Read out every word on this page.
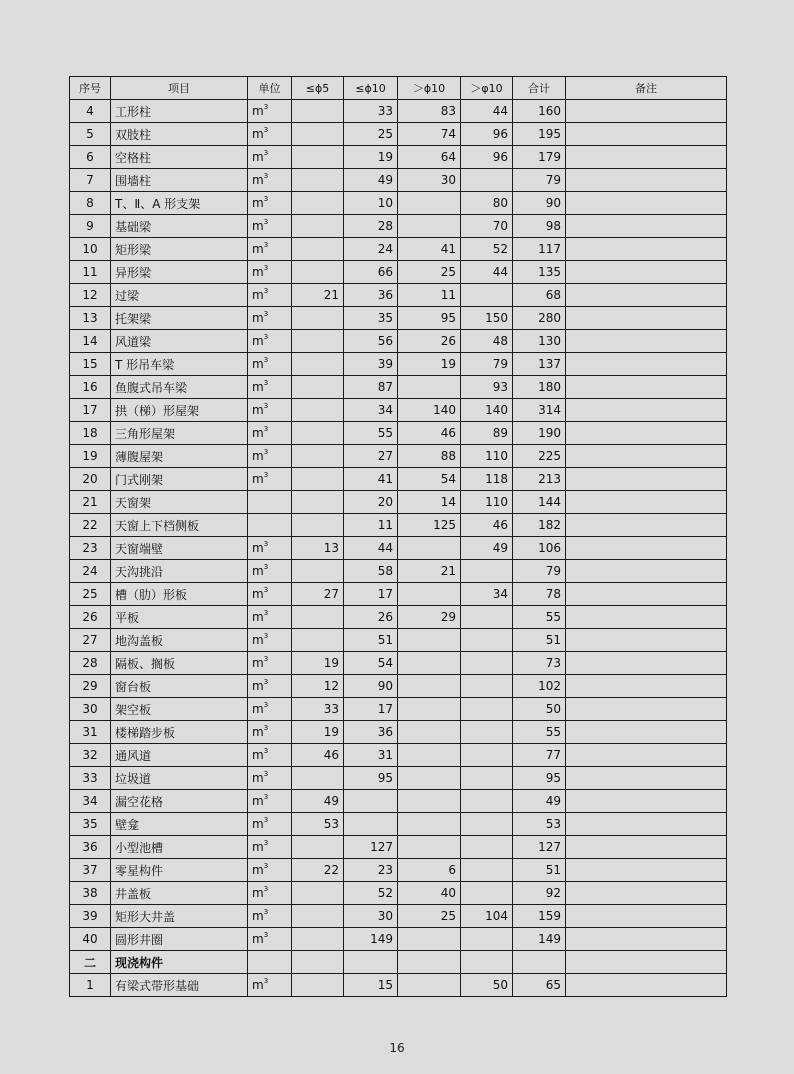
序号	项目	单位	≤ϕ5	≤ϕ10	＞ϕ10	＞φ10	合计	备注
4	工形柱	$m^3$		33	83	44	160	
5	双肢柱	$m^3$		25	74	96	195	
6	空格柱	$m^3$		19	64	96	179	
7	围墙柱	$m^3$		49	30		79	
8	T、Ⅱ、A 形支架	$m^3$		10		80	90	
9	基础梁	$m^3$		28		70	98	
10	矩形梁	$m^3$		24	41	52	117	
11	异形梁	$m^3$		66	25	44	135	
12	过梁	$m^3$	21	36	11		68	
13	托架梁	$m^3$		35	95	150	280	
14	风道梁	$m^3$		56	26	48	130	
15	T 形吊车梁	$m^3$		39	19	79	137	
16	鱼腹式吊车梁	$m^3$		87		93	180	
17	拱（梯）形屋架	$m^3$		34	140	140	314	
18	三角形屋架	$m^3$		55	46	89	190	
19	薄腹屋架	$m^3$		27	88	110	225	
20	门式刚架	$m^3$		41	54	118	213	
21	天窗架			20	14	110	144	
22	天窗上下档侧板			11	125	46	182	
23	天窗端壁	$m^3$	13	44		49	106	
24	天沟挑沿	$m^3$		58	21		79	
25	槽（肋）形板	$m^3$	27	17		34	78	
26	平板	$m^3$		26	29		55	
27	地沟盖板	$m^3$		51			51	
28	隔板、搁板	$m^3$	19	54			73	
29	窗台板	$m^3$	12	90			102	
30	架空板	$m^3$	33	17			50	
31	楼梯踏步板	$m^3$	19	36			55	
32	通风道	$m^3$	46	31			77	
33	垃圾道	$m^3$		95			95	
34	漏空花格	$m^3$	49				49	
35	壁龛	$m^3$	53				53	
36	小型池槽	$m^3$		127			127	
37	零星构件	$m^3$	22	23	6		51	
38	井盖板	$m^3$		52	40		92	
39	矩形大井盖	$m^3$		30	25	104	159	
40	圆形井圈	$m^3$		149			149	
二	现浇构件							
1	有梁式带形基础	$m^3$		15		50	65	
16
